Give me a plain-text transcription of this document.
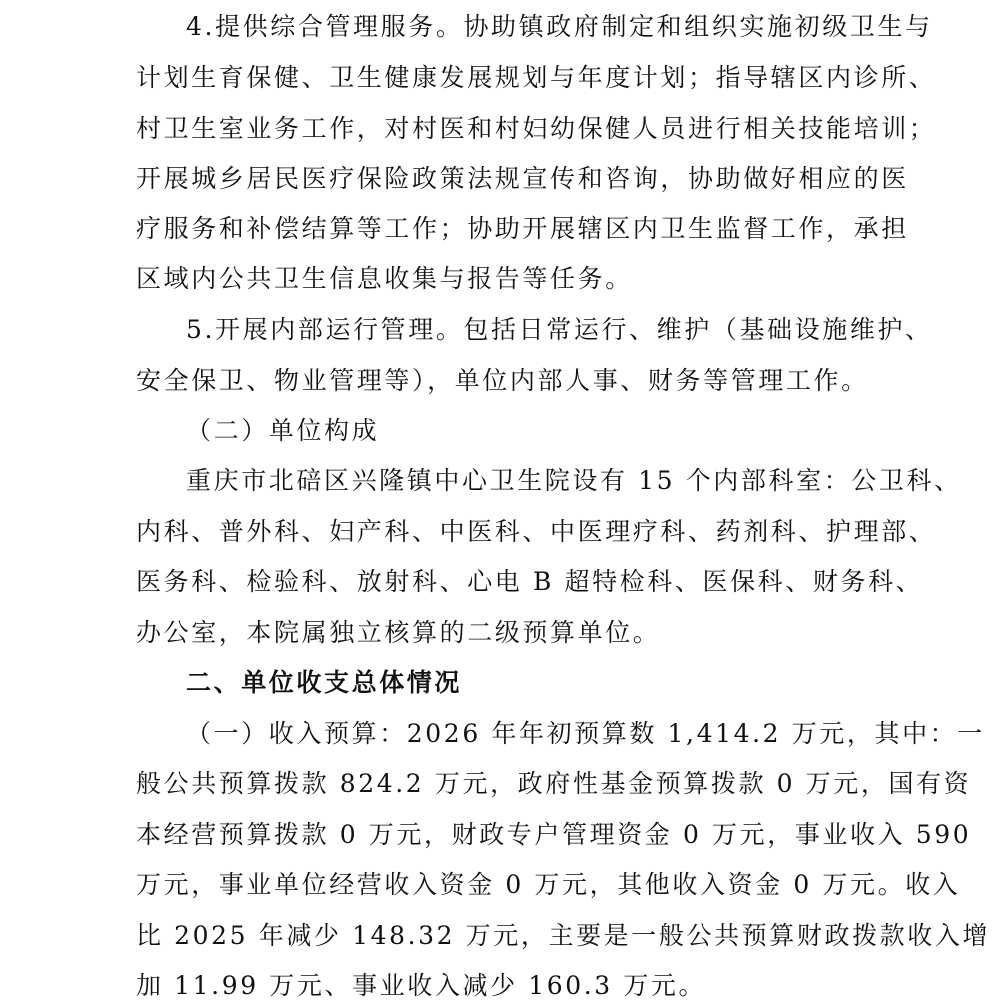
4.提供综合管理服务。协助镇政府制定和组织实施初级卫生与
计划生育保健、卫生健康发展规划与年度计划；指导辖区内诊所、
村卫生室业务工作，对村医和村妇幼保健人员进行相关技能培训；
开展城乡居民医疗保险政策法规宣传和咨询，协助做好相应的医
疗服务和补偿结算等工作；协助开展辖区内卫生监督工作，承担
区域内公共卫生信息收集与报告等任务。
5.开展内部运行管理。包括日常运行、维护（基础设施维护、
安全保卫、物业管理等），单位内部人事、财务等管理工作。
（二）单位构成
重庆市北碚区兴隆镇中心卫生院设有 15 个内部科室：公卫科、
内科、普外科、妇产科、中医科、中医理疗科、药剂科、护理部、
医务科、检验科、放射科、心电 B 超特检科、医保科、财务科、
办公室，本院属独立核算的二级预算单位。
二、单位收支总体情况
（一）收入预算：2026 年年初预算数 1,414.2 万元，其中：一
般公共预算拨款 824.2 万元，政府性基金预算拨款 0 万元，国有资
本经营预算拨款 0 万元，财政专户管理资金 0 万元，事业收入 590
万元，事业单位经营收入资金 0 万元，其他收入资金 0 万元。收入
比 2025 年减少 148.32 万元，主要是一般公共预算财政拨款收入增
加 11.99 万元、事业收入减少 160.3 万元。
